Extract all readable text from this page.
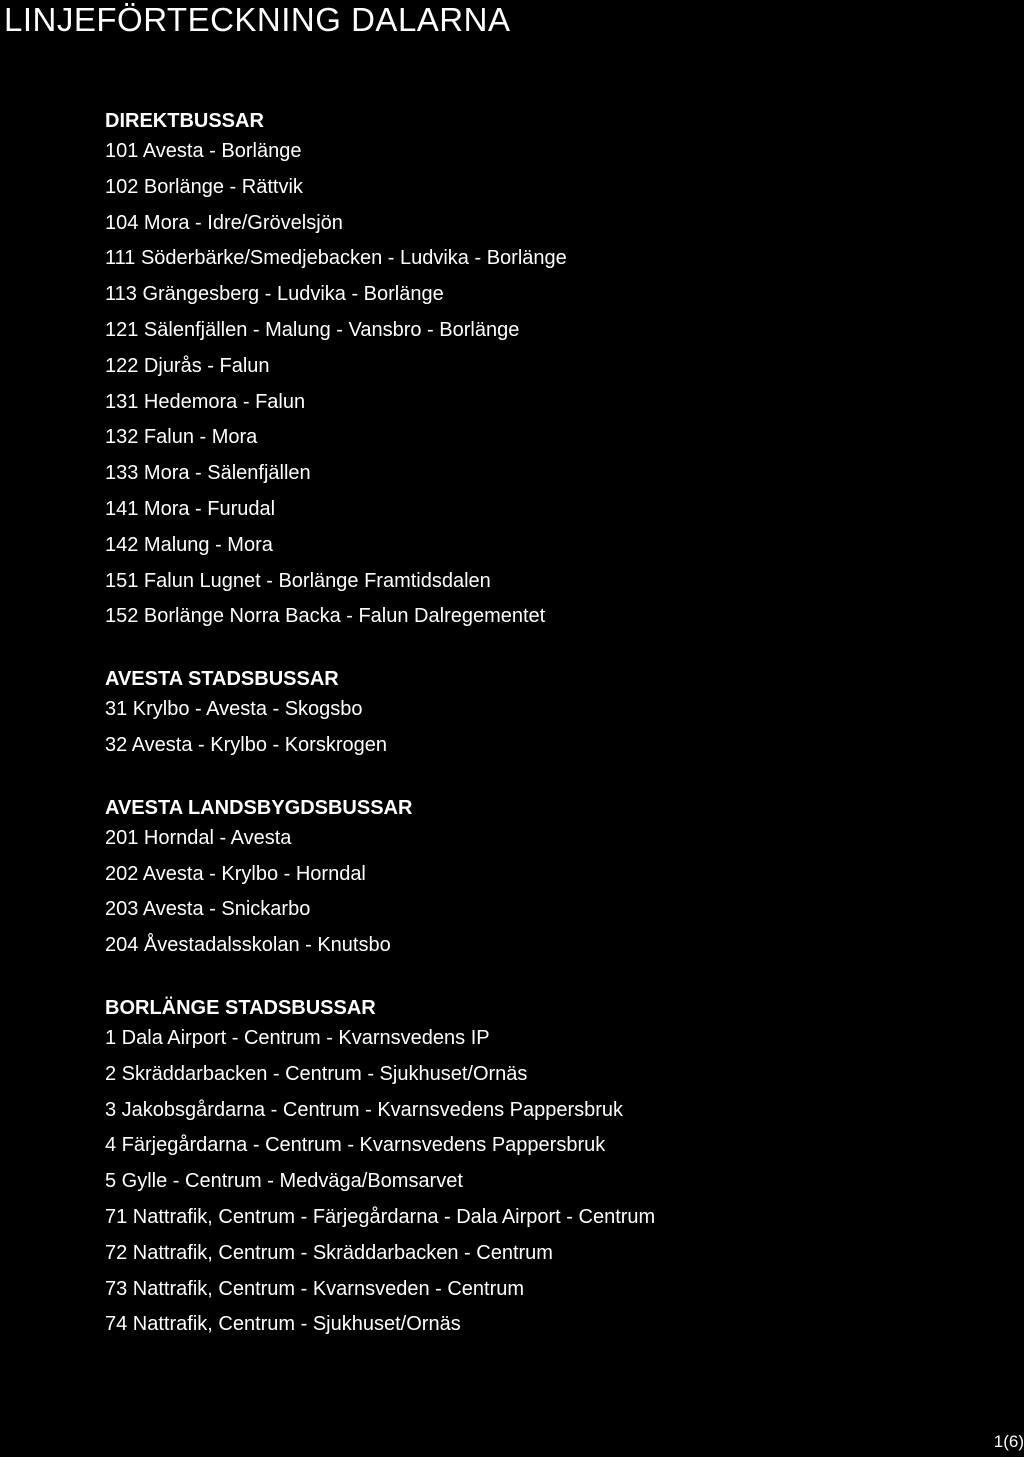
LINJEFÖRTECKNING DALARNA
DIREKTBUSSAR
101 Avesta - Borlänge
102 Borlänge - Rättvik
104 Mora - Idre/Grövelsjön
111 Söderbärke/Smedjebacken - Ludvika - Borlänge
113 Grängesberg - Ludvika - Borlänge
121 Sälenfjällen - Malung - Vansbro - Borlänge
122 Djurås - Falun
131 Hedemora - Falun
132 Falun - Mora
133 Mora - Sälenfjällen
141 Mora - Furudal
142 Malung - Mora
151 Falun Lugnet - Borlänge Framtidsdalen
152 Borlänge Norra Backa - Falun Dalregementet
AVESTA STADSBUSSAR
31 Krylbo - Avesta - Skogsbo
32 Avesta - Krylbo - Korskrogen
AVESTA LANDSBYGDSBUSSAR
201 Horndal - Avesta
202 Avesta - Krylbo - Horndal
203 Avesta - Snickarbo
204 Åvestadalsskolan - Knutsbo
BORLÄNGE STADSBUSSAR
1 Dala Airport - Centrum - Kvarnsvedens IP
2 Skräddarbacken - Centrum - Sjukhuset/Ornäs
3 Jakobsgårdarna - Centrum - Kvarnsvedens Pappersbruk
4 Färjegårdarna - Centrum - Kvarnsvedens Pappersbruk
5 Gylle - Centrum - Medväga/Bomsarvet
71 Nattrafik, Centrum - Färjegårdarna - Dala Airport - Centrum
72 Nattrafik, Centrum - Skräddarbacken - Centrum
73 Nattrafik, Centrum - Kvarnsveden - Centrum
74 Nattrafik, Centrum - Sjukhuset/Ornäs
1(6)
